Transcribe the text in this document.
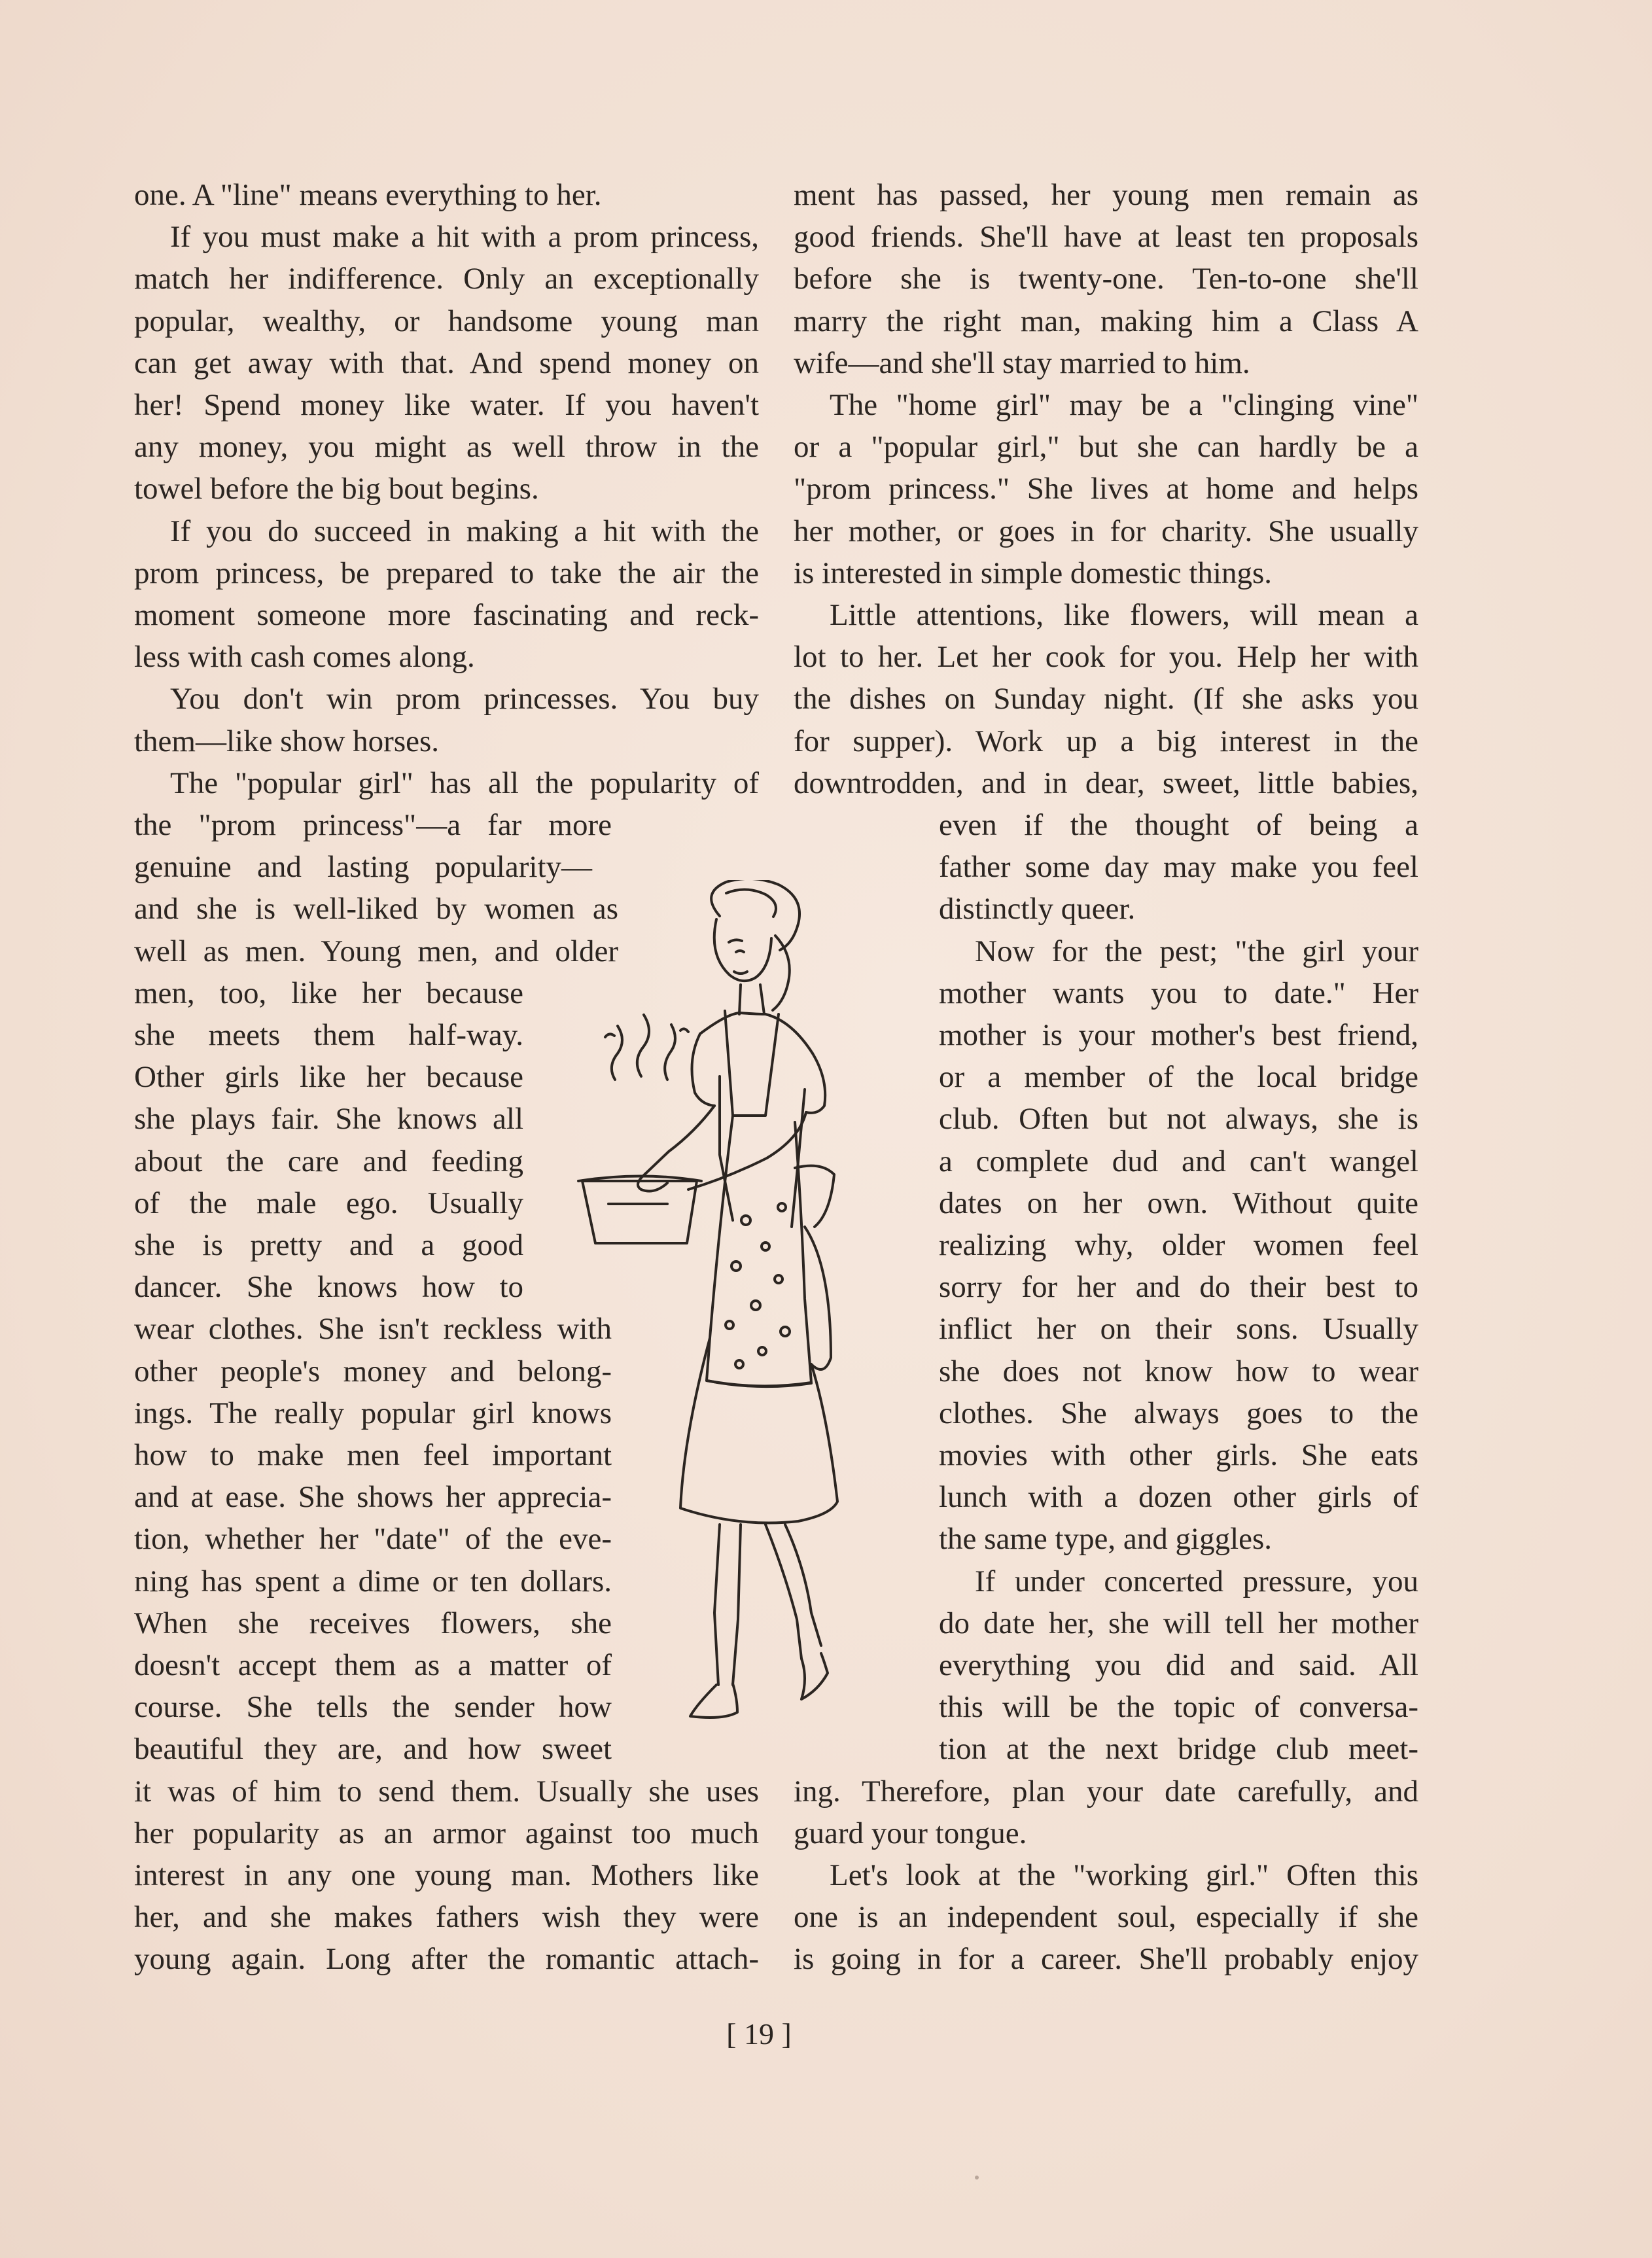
one. A "line" means everything to her.
If you must make a hit with a prom princess,
match her indifference. Only an exceptionally
popular, wealthy, or handsome young man
can get away with that. And spend money on
her! Spend money like water. If you haven't
any money, you might as well throw in the
towel before the big bout begins.
If you do succeed in making a hit with the
prom princess, be prepared to take the air the
moment someone more fascinating and reck-
less with cash comes along.
You don't win prom princesses. You buy
them—like show horses.
The "popular girl" has all the popularity of
the "prom princess"—a far more
genuine and lasting popularity—
and she is well-liked by women as
well as men. Young men, and older
men, too, like her because
she meets them half-way.
Other girls like her because
she plays fair. She knows all
about the care and feeding
of the male ego. Usually
she is pretty and a good
dancer. She knows how to
wear clothes. She isn't reckless with
other people's money and belong-
ings. The really popular girl knows
how to make men feel important
and at ease. She shows her apprecia-
tion, whether her "date" of the eve-
ning has spent a dime or ten dollars.
When she receives flowers, she
doesn't accept them as a matter of
course. She tells the sender how
beautiful they are, and how sweet
it was of him to send them. Usually she uses
her popularity as an armor against too much
interest in any one young man. Mothers like
her, and she makes fathers wish they were
young again. Long after the romantic attach-
ment has passed, her young men remain as
good friends. She'll have at least ten proposals
before she is twenty-one. Ten-to-one she'll
marry the right man, making him a Class A
wife—and she'll stay married to him.
The "home girl" may be a "clinging vine"
or a "popular girl," but she can hardly be a
"prom princess." She lives at home and helps
her mother, or goes in for charity. She usually
is interested in simple domestic things.
Little attentions, like flowers, will mean a
lot to her. Let her cook for you. Help her with
the dishes on Sunday night. (If she asks you
for supper). Work up a big interest in the
downtrodden, and in dear, sweet, little babies,
even if the thought of being a
father some day may make you feel
distinctly queer.
Now for the pest; "the girl your
mother wants you to date." Her
mother is your mother's best friend,
or a member of the local bridge
club. Often but not always, she is
a complete dud and can't wangel
dates on her own. Without quite
realizing why, older women feel
sorry for her and do their best to
inflict her on their sons. Usually
she does not know how to wear
clothes. She always goes to the
movies with other girls. She eats
lunch with a dozen other girls of
the same type, and giggles.
If under concerted pressure, you
do date her, she will tell her mother
everything you did and said. All
this will be the topic of conversa-
tion at the next bridge club meet-
ing. Therefore, plan your date carefully, and
guard your tongue.
Let's look at the "working girl." Often this
one is an independent soul, especially if she
is going in for a career. She'll probably enjoy
[ 19 ]
